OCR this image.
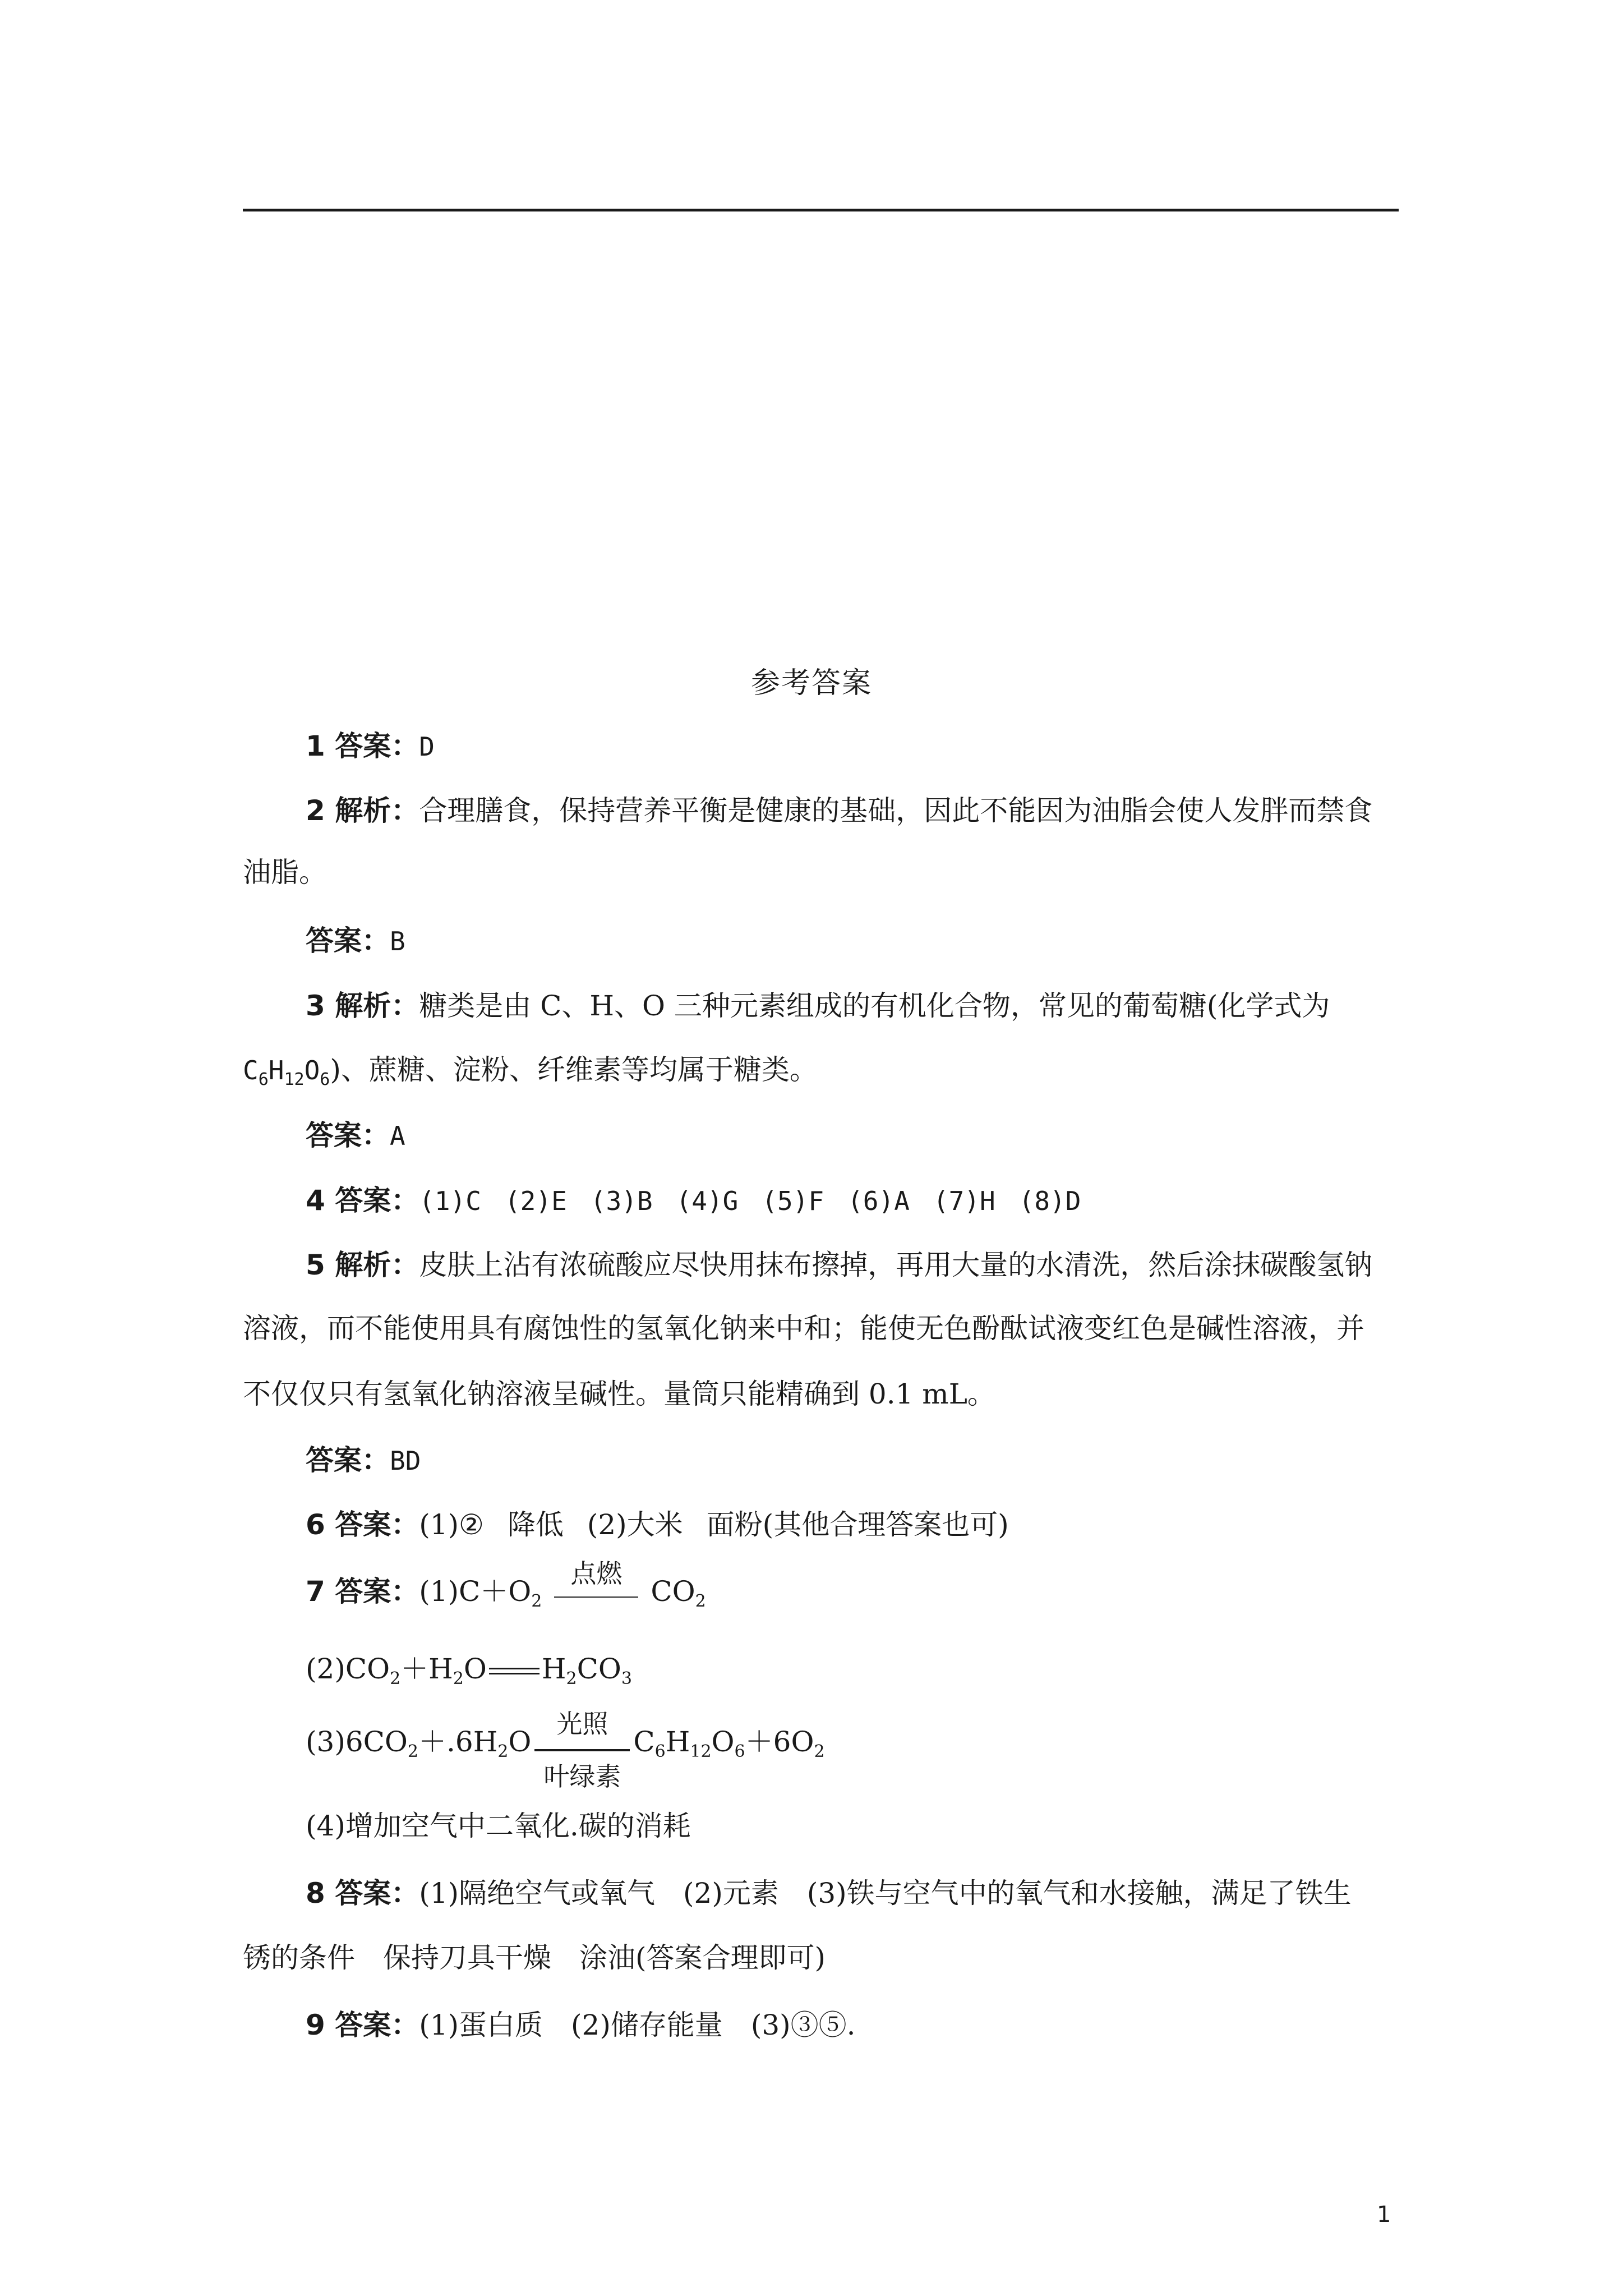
参考答案
1 答案：D
2 解析：合理膳食，保持营养平衡是健康的基础，因此不能因为油脂会使人发胖而禁食
油脂。
答案：B
3 解析：糖类是由 C、H、O 三种元素组成的有机化合物，常见的葡萄糖(化学式为
$C_6H_{12}O_6$)、蔗糖、淀粉、纤维素等均属于糖类。
答案：A
4 答案：(1)C (2)E (3)B (4)G (5)F (6)A (7)H (8)D
5 解析：皮肤上沾有浓硫酸应尽快用抹布擦掉，再用大量的水清洗，然后涂抹碳酸氢钠
溶液，而不能使用具有腐蚀性的氢氧化钠来中和；能使无色酚酞试液变红色是碱性溶液，并
不仅仅只有氢氧化钠溶液呈碱性。量筒只能精确到 0.1 mL。
答案：BD
6 答案：(1)② 降低 (2)大米 面粉(其他合理答案也可)
7 答案：$(1)C+O_2$
点燃
$CO_2$
$(2)CO_2+H_2O$ $H_2CO_3$
$(3)6CO_2+.6H_2O$
光照
叶绿素
$C_6H_{12}O_6+6O_2$
(4)增加空气中二氧化.碳的消耗
8 答案：(1)隔绝空气或氧气　(2)元素　(3)铁与空气中的氧气和水接触，满足了铁生
锈的条件　保持刀具干燥　涂油(答案合理即可)
9 答案：(1)蛋白质　(2)储存能量　(3)③⑤.
1
